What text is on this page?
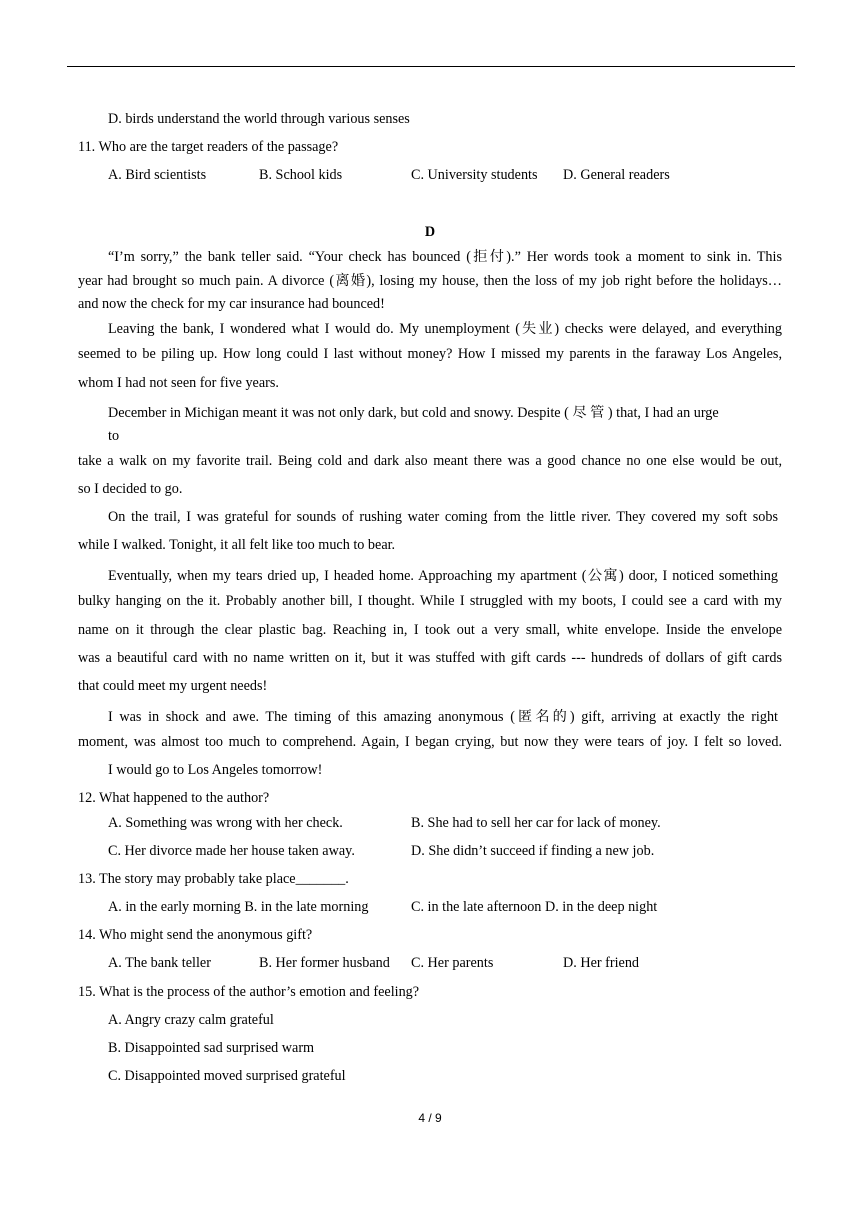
D. birds understand the world through various senses
11. Who are the target readers of the passage?
A. Bird scientists	B. School kids	C. University students D. General readers
D
“I’m sorry,” the bank teller said. “Your check has bounced (拒付).” Her words took a moment to sink in. This
year had brought so much pain. A divorce (离婚), losing my house, then the loss of my job right before the holidays…
and now the check for my car insurance had bounced!
Leaving the bank, I wondered what I would do. My unemployment (失业) checks were delayed, and everything
seemed to be piling up. How long could I last without money? How I missed my parents in the faraway Los Angeles,
whom I had not seen for five years.
December in Michigan meant it was not only dark, but cold and snowy. Despite ( 尽 管 ) that, I had an urge
to
take a walk on my favorite trail. Being cold and dark also meant there was a good chance no one else would be out,
so I decided to go.
On the trail, I was grateful for sounds of rushing water coming from the little river. They covered my soft sobs
while I walked. Tonight, it all felt like too much to bear.
Eventually, when my tears dried up, I headed home. Approaching my apartment (公寓) door, I noticed something
bulky hanging on the it. Probably another bill, I thought. While I struggled with my boots, I could see a card with my
name on it through the clear plastic bag. Reaching in, I took out a very small, white envelope. Inside the envelope
was a beautiful card with no name written on it, but it was stuffed with gift cards --- hundreds of dollars of gift cards
that could meet my urgent needs!
I was in shock and awe. The timing of this amazing anonymous (匿名的) gift, arriving at exactly the right
moment, was almost too much to comprehend. Again, I began crying, but now they were tears of joy. I felt so loved.
I would go to Los Angeles tomorrow!
12. What happened to the author?
A. Something was wrong with her check.	B. She had to sell her car for lack of money.
C. Her divorce made her house taken away.	D. She didn’t succeed if finding a new job.
13. The story may probably take place_______.
A. in the early morning B. in the late morning	C. in the late afternoon D. in the deep night
14. Who might send the anonymous gift?
A. The bank teller	B. Her former husband C. Her parents	D. Her friend
15. What is the process of the author’s emotion and feeling?
A. Angry crazy calm grateful
B. Disappointed sad surprised warm
C. Disappointed moved surprised grateful
4 / 9
